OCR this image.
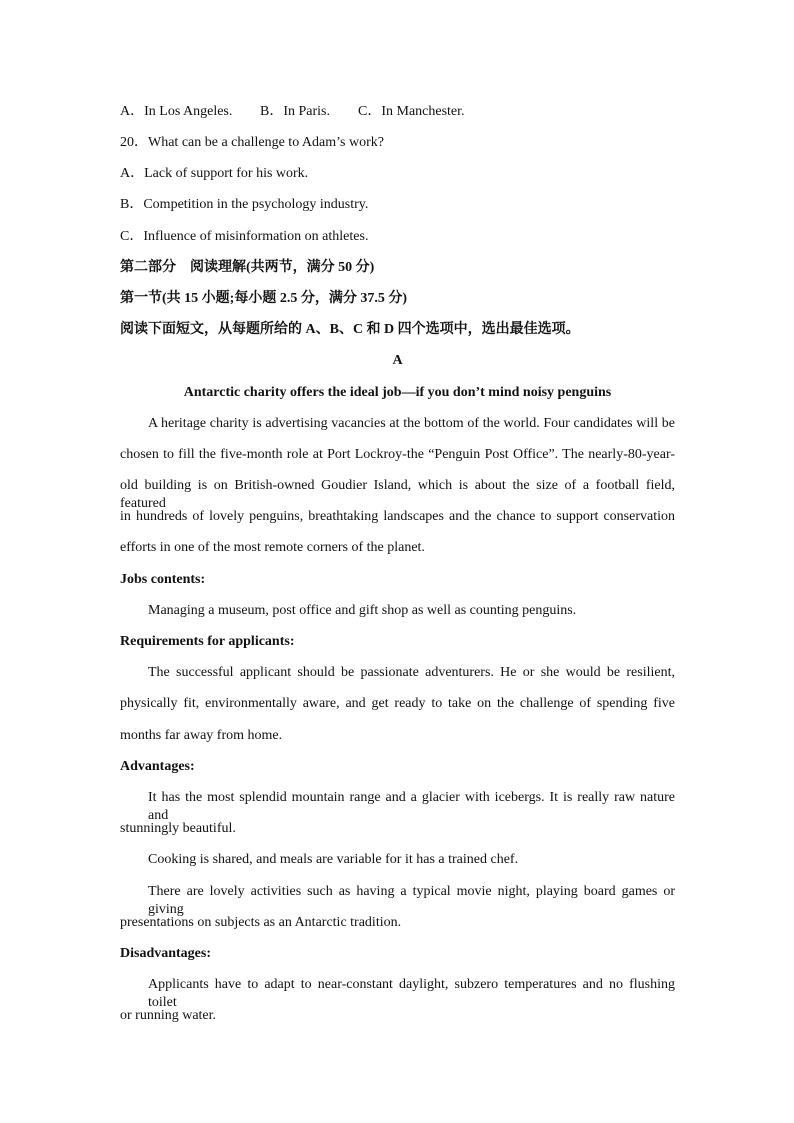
A．In Los Angeles. B．In Paris. C．In Manchester.
20．What can be a challenge to Adam’s work?
A．Lack of support for his work.
B．Competition in the psychology industry.
C．Influence of misinformation on athletes.
第二部分　阅读理解(共两节，满分 50 分)
第一节(共 15 小题;每小题 2.5 分，满分 37.5 分)
阅读下面短文，从每题所给的 A、B、C 和 D 四个选项中，选出最佳选项。
A
Antarctic charity offers the ideal job—if you don’t mind noisy penguins
A heritage charity is advertising vacancies at the bottom of the world. Four candidates will be
chosen to fill the five-month role at Port Lockroy-the “Penguin Post Office”. The nearly-80-year-
old building is on British-owned Goudier Island, which is about the size of a football field, featured
in hundreds of lovely penguins, breathtaking landscapes and the chance to support conservation
efforts in one of the most remote corners of the planet.
Jobs contents:
Managing a museum, post office and gift shop as well as counting penguins.
Requirements for applicants:
The successful applicant should be passionate adventurers. He or she would be resilient,
physically fit, environmentally aware, and get ready to take on the challenge of spending five
months far away from home.
Advantages:
It has the most splendid mountain range and a glacier with icebergs. It is really raw nature and
stunningly beautiful.
Cooking is shared, and meals are variable for it has a trained chef.
There are lovely activities such as having a typical movie night, playing board games or giving
presentations on subjects as an Antarctic tradition.
Disadvantages:
Applicants have to adapt to near-constant daylight, subzero temperatures and no flushing toilet
or running water.
